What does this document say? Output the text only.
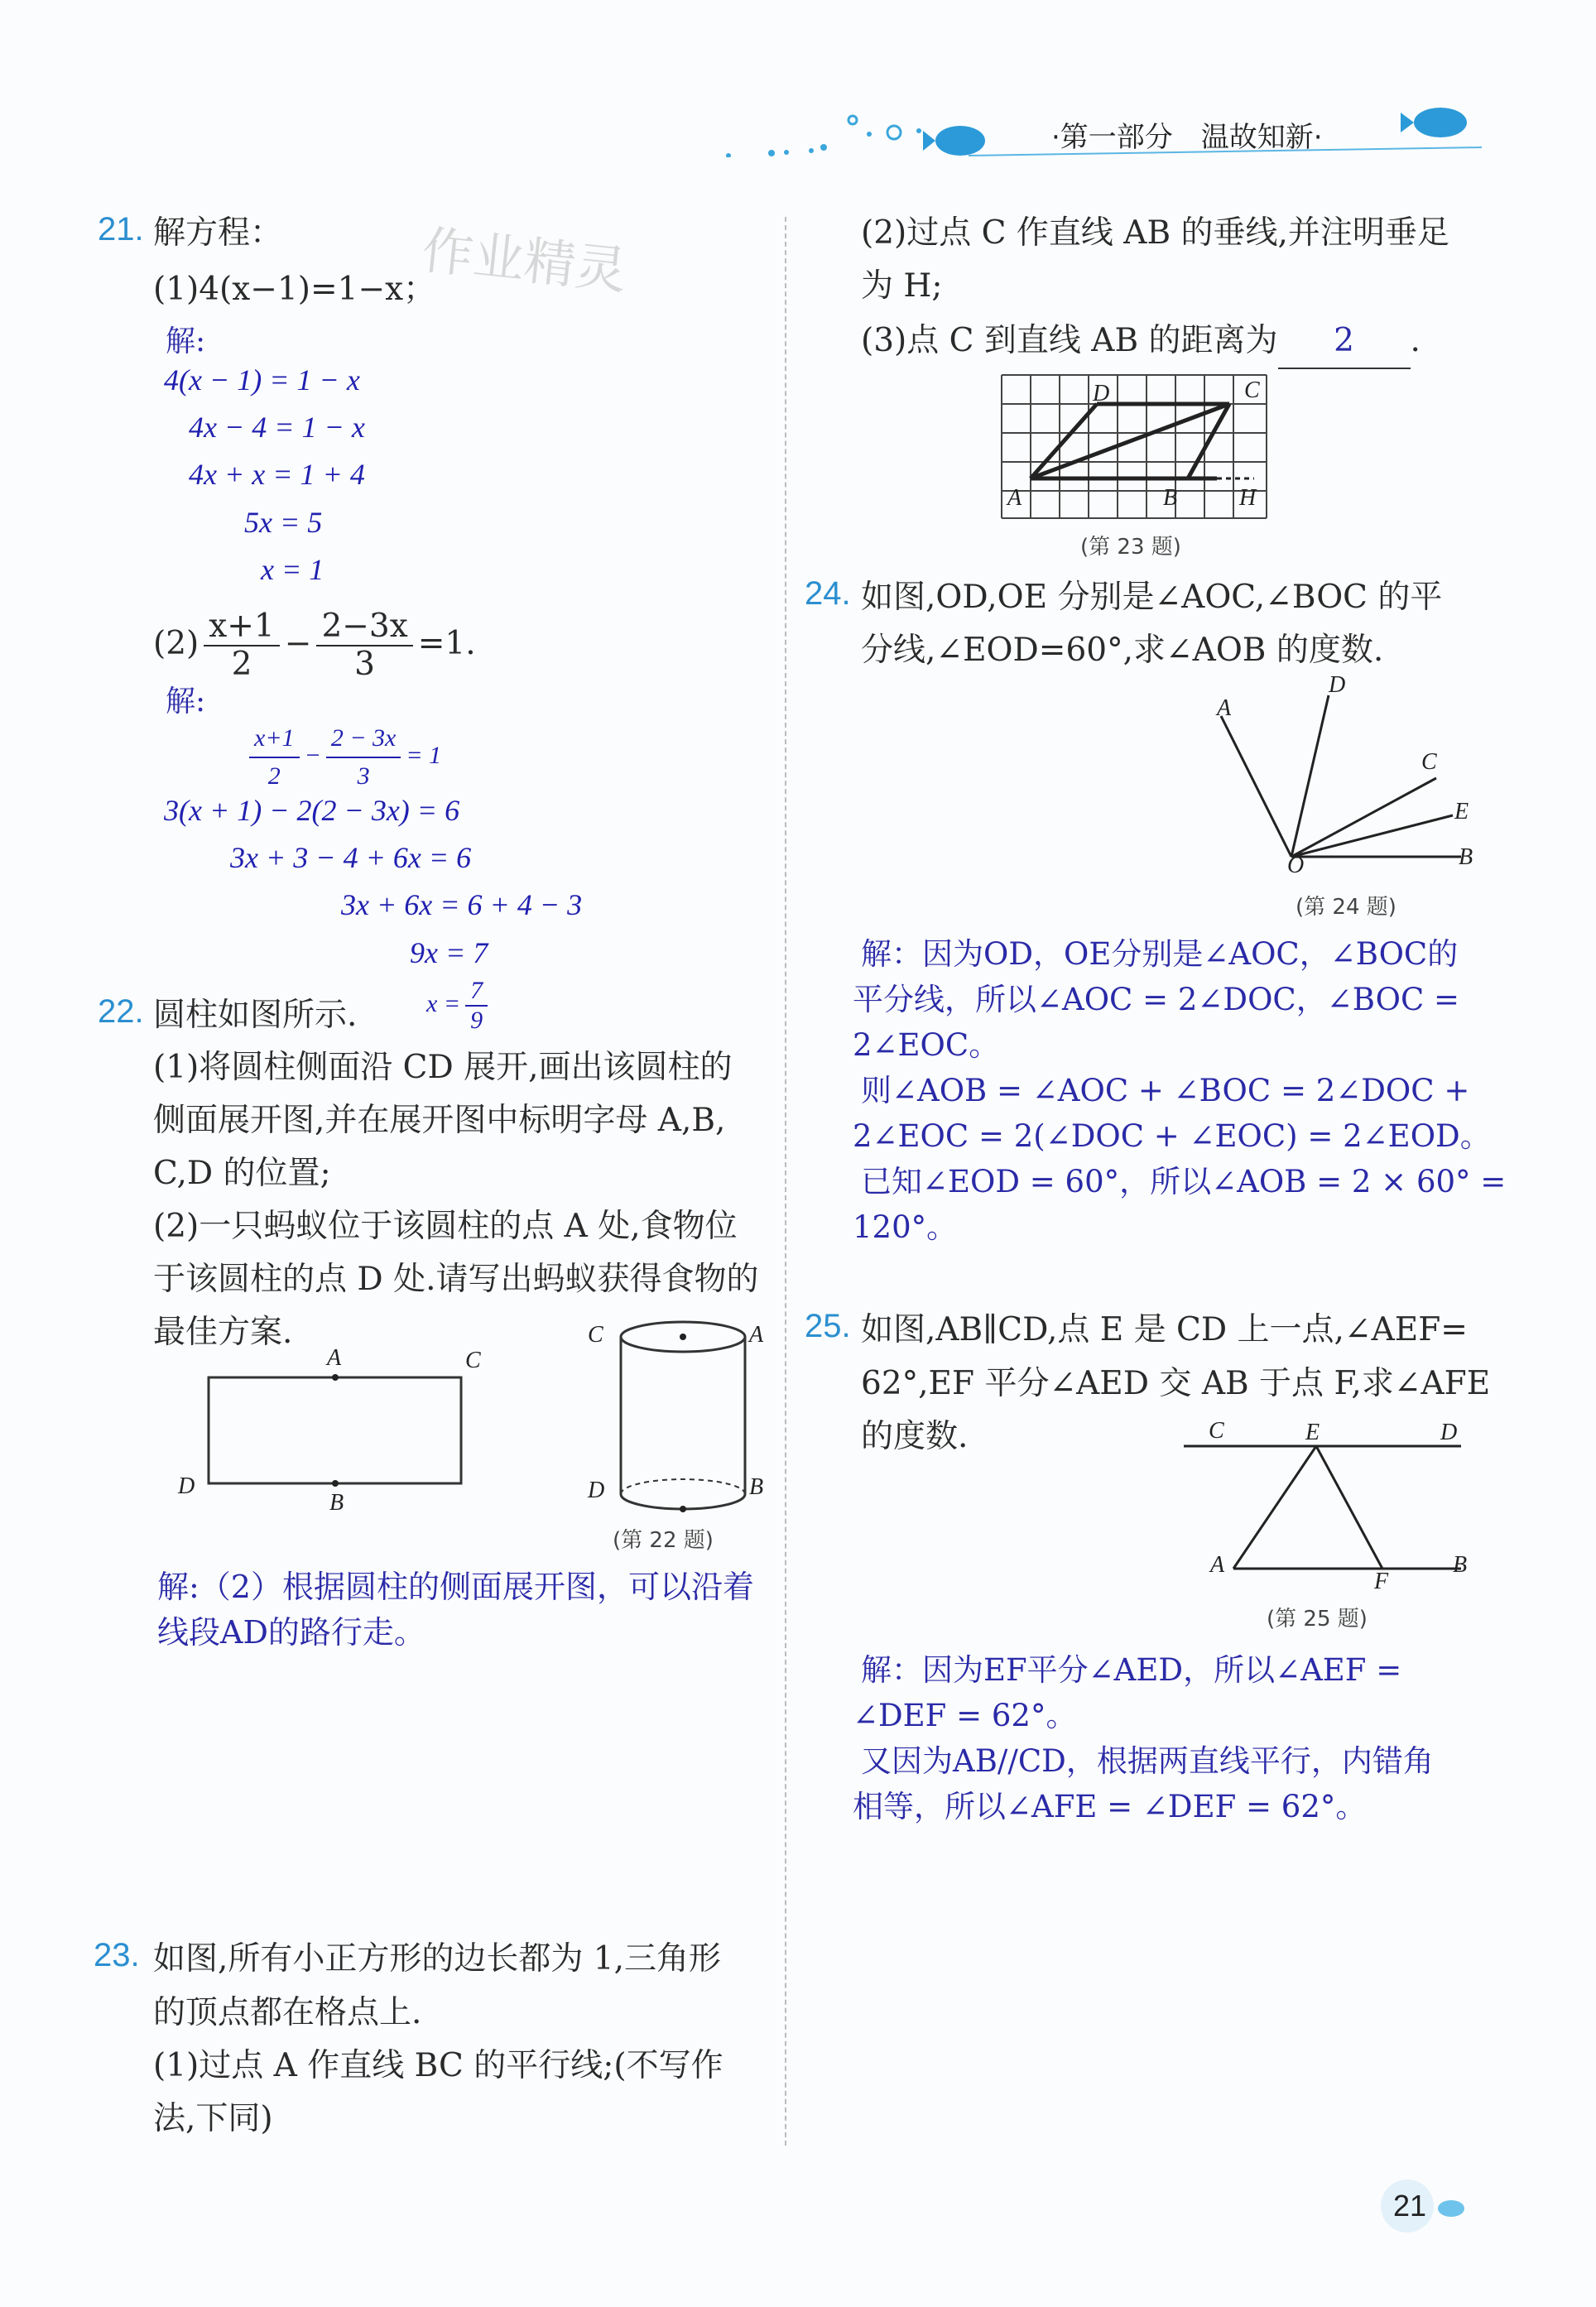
·第一部分　温故知新·
作业精灵
21. 解方程：
(1)4(x−1)=1−x；
解:
4(x − 1) = 1 − x
4x − 4 = 1 − x
4x + x = 1 + 4
5x = 5
x = 1
$(2) \frac{x+1}{2} - \frac{2-3x}{3} =1$.
解:
$\frac{x+1}{2} - \frac{2 - 3x}{3} = 1$
3(x + 1) − 2(2 − 3x) = 6
3x + 3 − 4 + 6x = 6
3x + 6x = 6 + 4 − 3
9x = 7
$x = \frac{7}{9}$
22. 圆柱如图所示.
(1)将圆柱侧面沿 CD 展开,画出该圆柱的
侧面展开图,并在展开图中标明字母 A,B,
C,D 的位置;
(2)一只蚂蚁位于该圆柱的点 A 处,食物位
于该圆柱的点 D 处.请写出蚂蚁获得食物的
最佳方案.
A	C
D
B
C	A
D	B
(第 22 题)
解:（2）根据圆柱的侧面展开图，可以沿着
线段AD的路行走。
23. 如图,所有小正方形的边长都为 1,三角形
的顶点都在格点上.
(1)过点 A 作直线 BC 的平行线;(不写作
法,下同)
(2)过点 C 作直线 AB 的垂线,并注明垂足
为 H;
(3)点 C 到直线 AB 的距离为 2 .
D	C
A	B	H
(第 23 题)
24. 如图,OD,OE 分别是∠AOC,∠BOC 的平
分线,∠EOD=60°,求∠AOB 的度数.
A
D
C
E
B
O
(第 24 题)
解：因为OD，OE分别是∠AOC，∠BOC的
平分线，所以∠AOC = 2∠DOC，∠BOC =
2∠EOC。
则∠AOB = ∠AOC + ∠BOC = 2∠DOC +
2∠EOC = 2(∠DOC + ∠EOC) = 2∠EOD。
已知∠EOD = 60°，所以∠AOB = 2 × 60° =
120°。
25. 如图,AB∥CD,点 E 是 CD 上一点,∠AEF=
62°,EF 平分∠AED 交 AB 于点 F,求∠AFE
的度数.	C	E	D
A
F
B
(第 25 题)
解：因为EF平分∠AED，所以∠AEF =
∠DEF = 62°。
又因为AB//CD，根据两直线平行，内错角
相等，所以∠AFE = ∠DEF = 62°。
21
